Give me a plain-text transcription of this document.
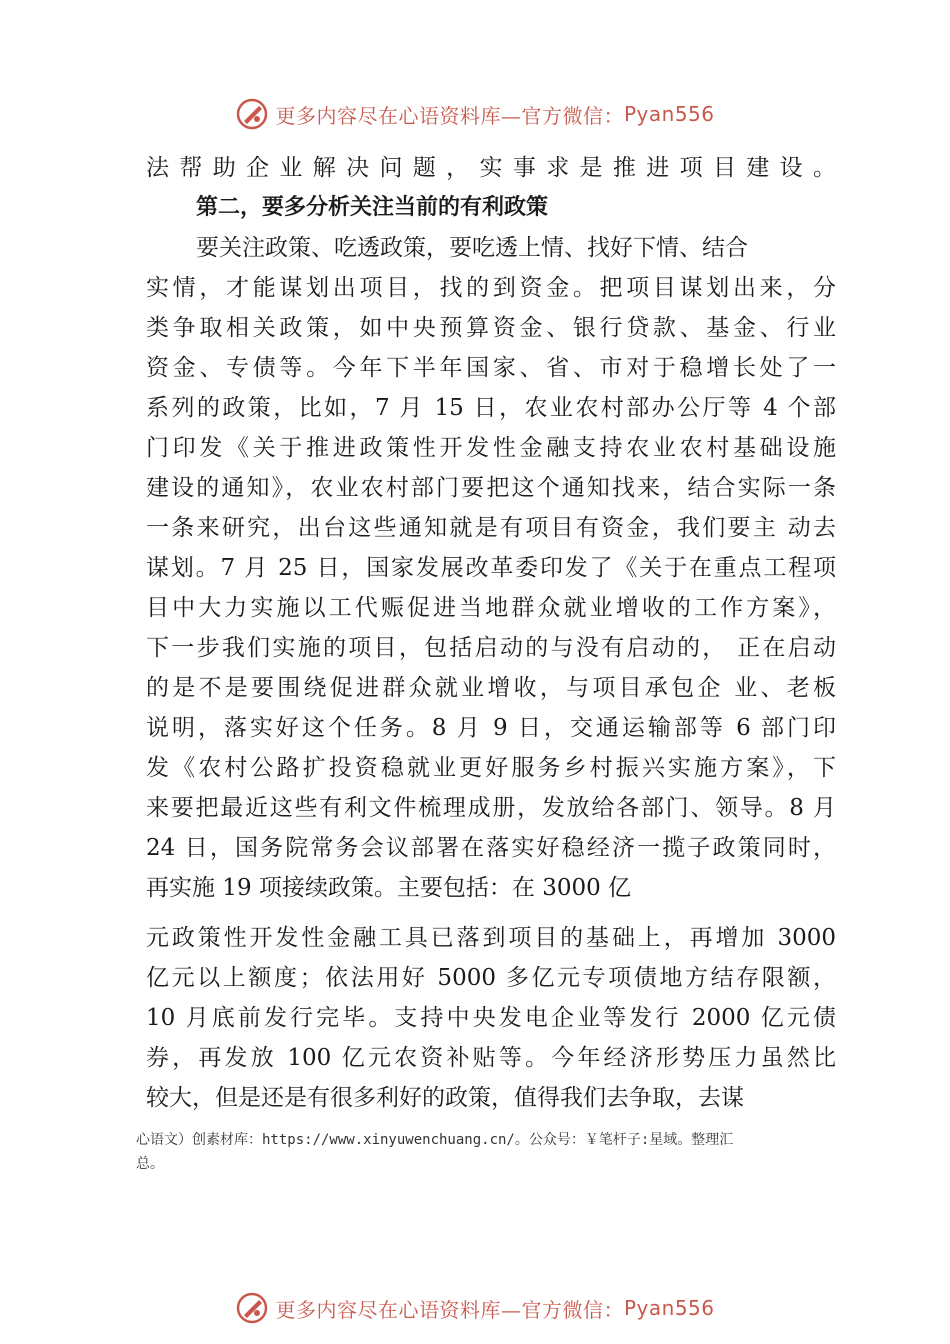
更多内容尽在心语资料库—官方微信： Pyan556
法帮助企业解决问题，实事求是推进项目建设。
第二，要多分析关注当前的有利政策
要关注政策、吃透政策，要吃透上情、找好下情、结合
实情，才能谋划出项目，找的到资金。把项目谋划出来，分
类争取相关政策，如中央预算资金、银行贷款、基金、行业
资金、专债等。今年下半年国家、省、市对于稳增长处了一
系列的政策，比如，7 月 15 日，农业农村部办公厅等 4 个部
门印发《关于推进政策性开发性金融支持农业农村基础设施
建设的通知》，农业农村部门要把这个通知找来，结合实际一条
一条来研究，出台这些通知就是有项目有资金，我们要主 动去
谋划。7 月 25 日，国家发展改革委印发了《关于在重点工程项
目中大力实施以工代赈促进当地群众就业增收的工作方案》，
下一步我们实施的项目，包括启动的与没有启动的， 正在启动
的是不是要围绕促进群众就业增收，与项目承包企 业、老板
说明，落实好这个任务。8 月 9 日，交通运输部等 6 部门印
发《农村公路扩投资稳就业更好服务乡村振兴实施方案》，下
来要把最近这些有利文件梳理成册，发放给各部门、领导。8 月
24 日，国务院常务会议部署在落实好稳经济一揽子政策同时，
再实施 19 项接续政策。主要包括：在 3000 亿
元政策性开发性金融工具已落到项目的基础上，再增加 3000
亿元以上额度；依法用好 5000 多亿元专项债地方结存限额，
10 月底前发行完毕。支持中央发电企业等发行 2000 亿元债
券，再发放 100 亿元农资补贴等。今年经济形势压力虽然比
较大，但是还是有很多利好的政策，值得我们去争取，去谋
心语文）创素材库：https://www.xinyuwenchuang.cn/。公众号：￥笔杆子:星域。整理汇
总。
更多内容尽在心语资料库—官方微信： Pyan556
